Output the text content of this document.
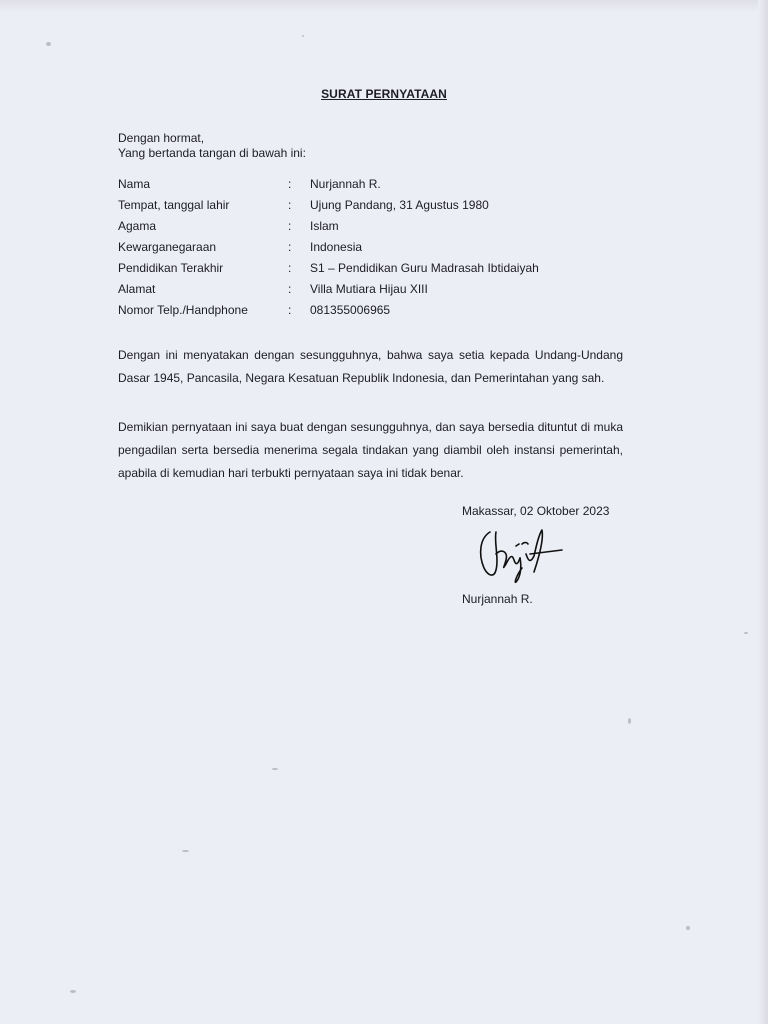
SURAT PERNYATAAN
Dengan hormat,
Yang bertanda tangan di bawah ini:
Nama	: Nurjannah R.
Tempat, tanggal lahir	: Ujung Pandang, 31 Agustus 1980
Agama	: Islam
Kewarganegaraan	: Indonesia
Pendidikan Terakhir	: S1 – Pendidikan Guru Madrasah Ibtidaiyah
Alamat	: Villa Mutiara Hijau XIII
Nomor Telp./Handphone	: 081355006965
Dengan ini menyatakan dengan sesungguhnya, bahwa saya setia kepada Undang-Undang Dasar 1945, Pancasila, Negara Kesatuan Republik Indonesia, dan Pemerintahan yang sah.
Demikian pernyataan ini saya buat dengan sesungguhnya, dan saya bersedia dituntut di muka pengadilan serta bersedia menerima segala tindakan yang diambil oleh instansi pemerintah, apabila di kemudian hari terbukti pernyataan saya ini tidak benar.
Makassar, 02 Oktober 2023
Nurjannah R.
